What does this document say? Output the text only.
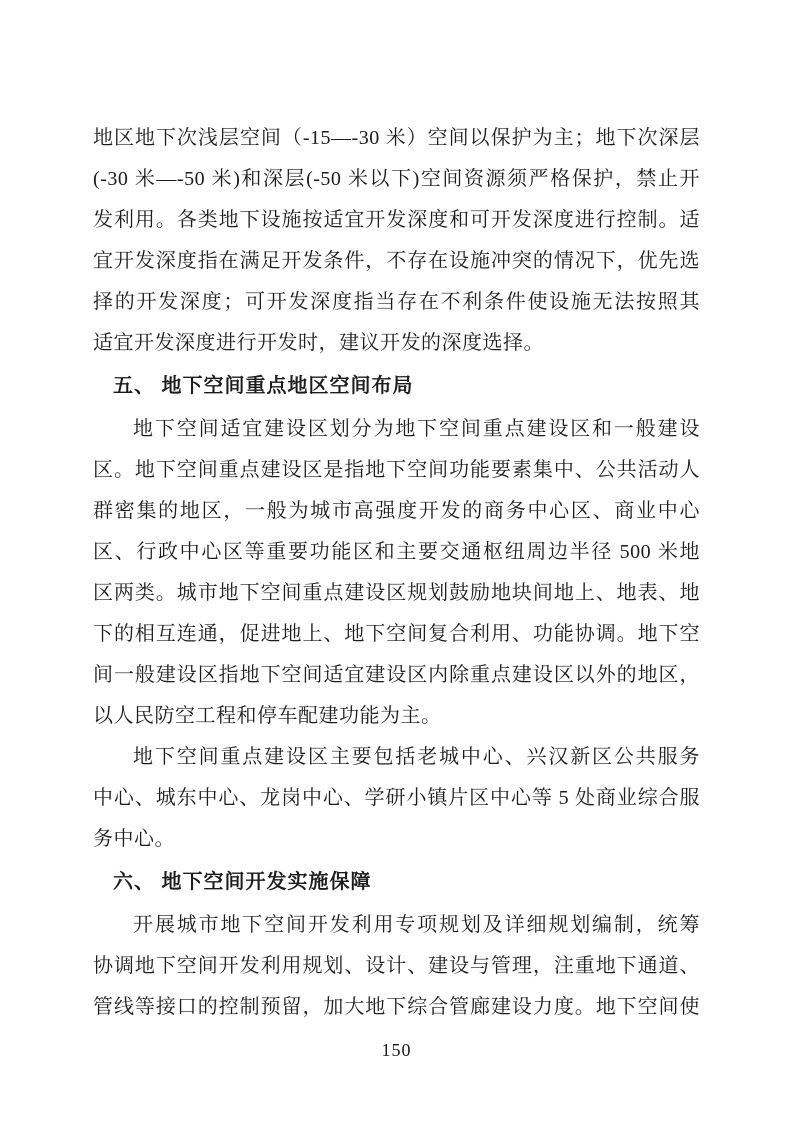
地区地下次浅层空间（-15—-30 米）空间以保护为主；地下次深层
(-30 米—-50 米)和深层(-50 米以下)空间资源须严格保护，禁止开
发利用。各类地下设施按适宜开发深度和可开发深度进行控制。适
宜开发深度指在满足开发条件，不存在设施冲突的情况下，优先选
择的开发深度；可开发深度指当存在不利条件使设施无法按照其
适宜开发深度进行开发时，建议开发的深度选择。
五、 地下空间重点地区空间布局
地下空间适宜建设区划分为地下空间重点建设区和一般建设
区。地下空间重点建设区是指地下空间功能要素集中、公共活动人
群密集的地区，一般为城市高强度开发的商务中心区、商业中心
区、行政中心区等重要功能区和主要交通枢纽周边半径 500 米地
区两类。城市地下空间重点建设区规划鼓励地块间地上、地表、地
下的相互连通，促进地上、地下空间复合利用、功能协调。地下空
间一般建设区指地下空间适宜建设区内除重点建设区以外的地区，
以人民防空工程和停车配建功能为主。
地下空间重点建设区主要包括老城中心、兴汉新区公共服务
中心、城东中心、龙岗中心、学研小镇片区中心等 5 处商业综合服
务中心。
六、 地下空间开发实施保障
开展城市地下空间开发利用专项规划及详细规划编制，统筹
协调地下空间开发利用规划、设计、建设与管理，注重地下通道、
管线等接口的控制预留，加大地下综合管廊建设力度。地下空间使
150
